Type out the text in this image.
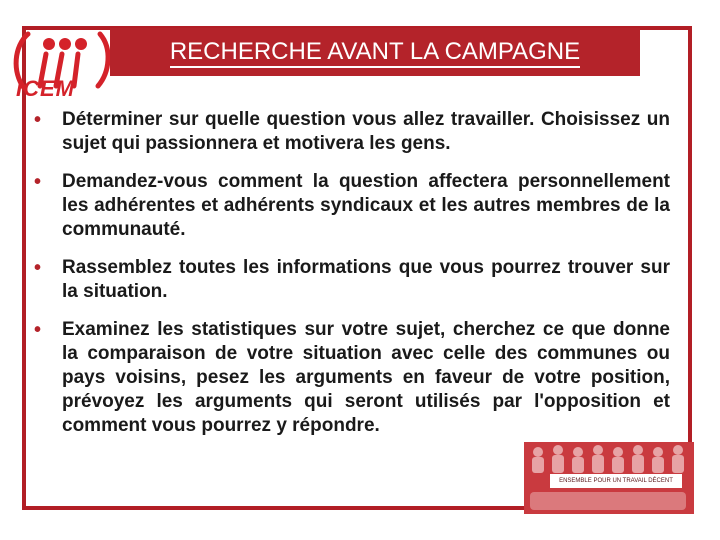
ICEM
RECHERCHE AVANT LA CAMPAGNE
• Déterminer sur quelle question vous allez travailler. Choisissez un sujet qui passionnera et motivera les gens.
• Demandez-vous comment la question affectera personnellement les adhérentes et adhérents syndicaux et les autres membres de la communauté.
• Rassemblez toutes les informations que vous pourrez trouver sur la situation.
• Examinez les statistiques sur votre sujet, cherchez ce que donne la comparaison de votre situation avec celle des communes ou pays voisins, pesez les arguments en faveur de votre position, prévoyez les arguments qui seront utilisés par l'opposition et comment vous pourrez y répondre.
ENSEMBLE POUR UN TRAVAIL DÉCENT
